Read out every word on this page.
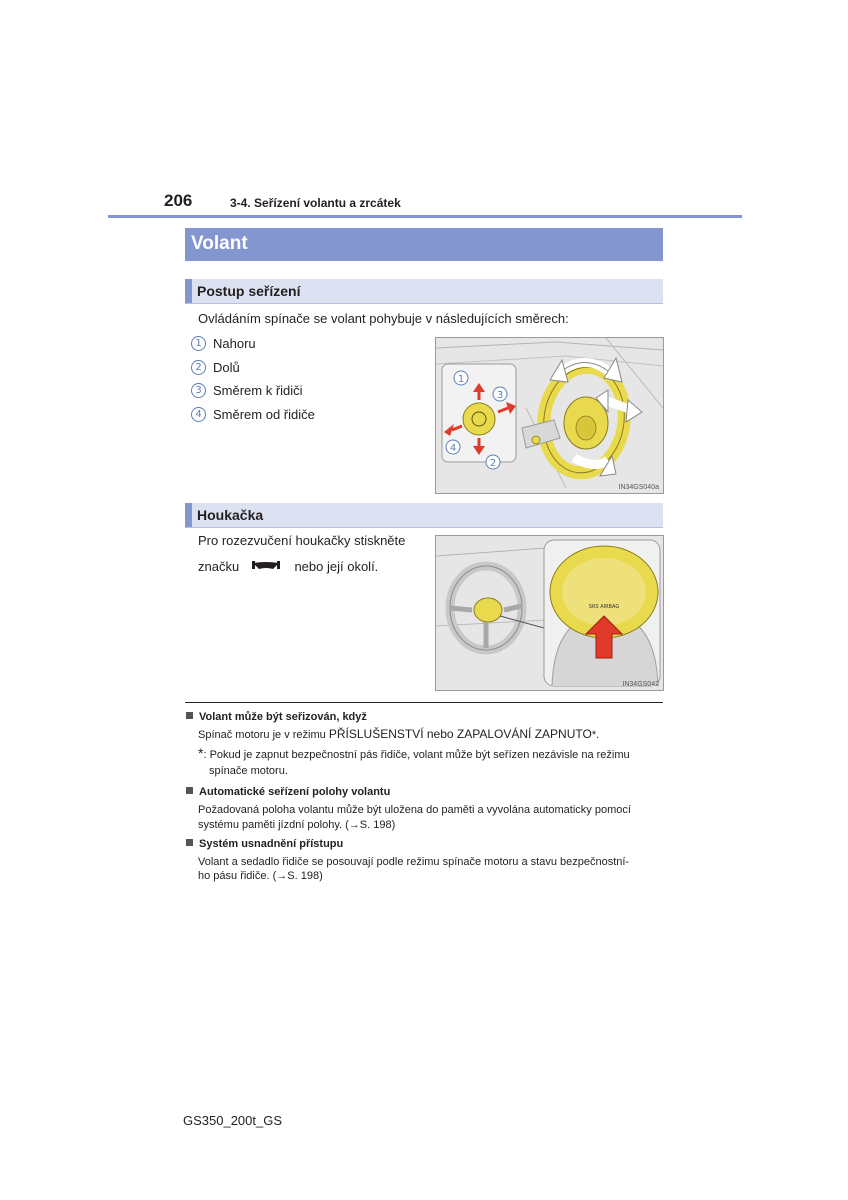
206	3-4. Seřízení volantu a zrcátek
Volant
Postup seřízení
Ovládáním spínače se volant pohybuje v následujících směrech:
1 Nahoru
2 Dolů
3 Směrem k řidiči
4 Směrem od řidiče
1
3
4
2
IN34GS040a
Houkačka
Pro rozezvučení houkačky stiskněte
značku	nebo její okolí.
SRS AIRBAG
IN34GS042
Volant může být seřizován, když
Spínač motoru je v režimu PŘÍSLUŠENSTVÍ nebo ZAPALOVÁNÍ ZAPNUTO*.
*: Pokud je zapnut bezpečnostní pás řidiče, volant může být seřízen nezávisle na režimu
spínače motoru.
Automatické seřízení polohy volantu
Požadovaná poloha volantu může být uložena do paměti a vyvolána automaticky pomocí
systému paměti jízdní polohy. (→S. 198)
Systém usnadnění přístupu
Volant a sedadlo řidiče se posouvají podle režimu spínače motoru a stavu bezpečnostní-
ho pásu řidiče. (→S. 198)
GS350_200t_GS
